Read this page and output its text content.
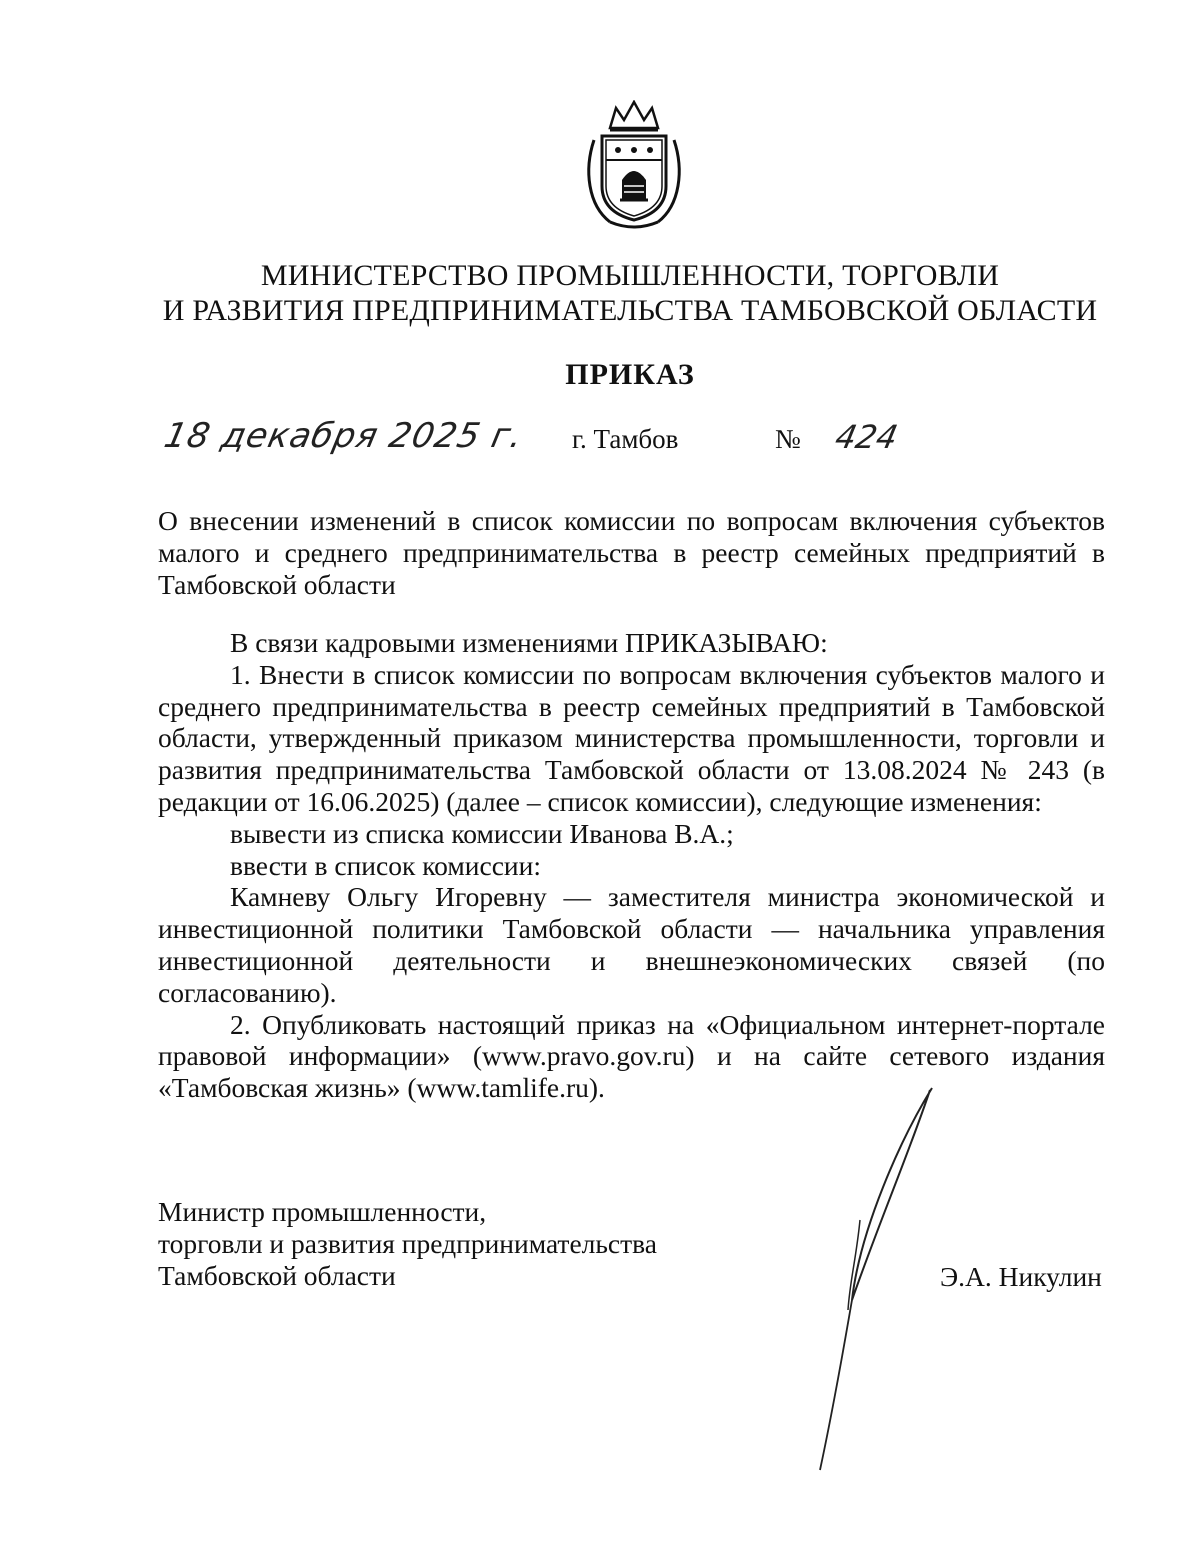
МИНИСТЕРСТВО ПРОМЫШЛЕННОСТИ, ТОРГОВЛИ
И РАЗВИТИЯ ПРЕДПРИНИМАТЕЛЬСТВА ТАМБОВСКОЙ ОБЛАСТИ
ПРИКАЗ
18 декабря 2025 г. г. Тамбов	№ 424
О внесении изменений в список комиссии по вопросам включения субъектов малого и среднего предпринимательства в реестр семейных предприятий в Тамбовской области

В связи кадровыми изменениями ПРИКАЗЫВАЮ:

1. Внести в список комиссии по вопросам включения субъектов малого и среднего предпринимательства в реестр семейных предприятий в Тамбовской области, утвержденный приказом министерства промышленности, торговли и развития предпринимательства Тамбовской области от 13.08.2024 № 243 (в редакции от 16.06.2025) (далее – список комиссии), следующие изменения:

вывести из списка комиссии Иванова В.А.;

ввести в список комиссии:

Камневу Ольгу Игоревну — заместителя министра экономической и инвестиционной политики Тамбовской области — начальника управления инвестиционной деятельности и внешнеэкономических связей (по согласованию).

2. Опубликовать настоящий приказ на «Официальном интернет-портале правовой информации» (www.pravo.gov.ru) и на сайте сетевого издания «Тамбовская жизнь» (www.tamlife.ru).

Министр промышленности,
торговли и развития предпринимательства
Тамбовской области	Э.А. Никулин
